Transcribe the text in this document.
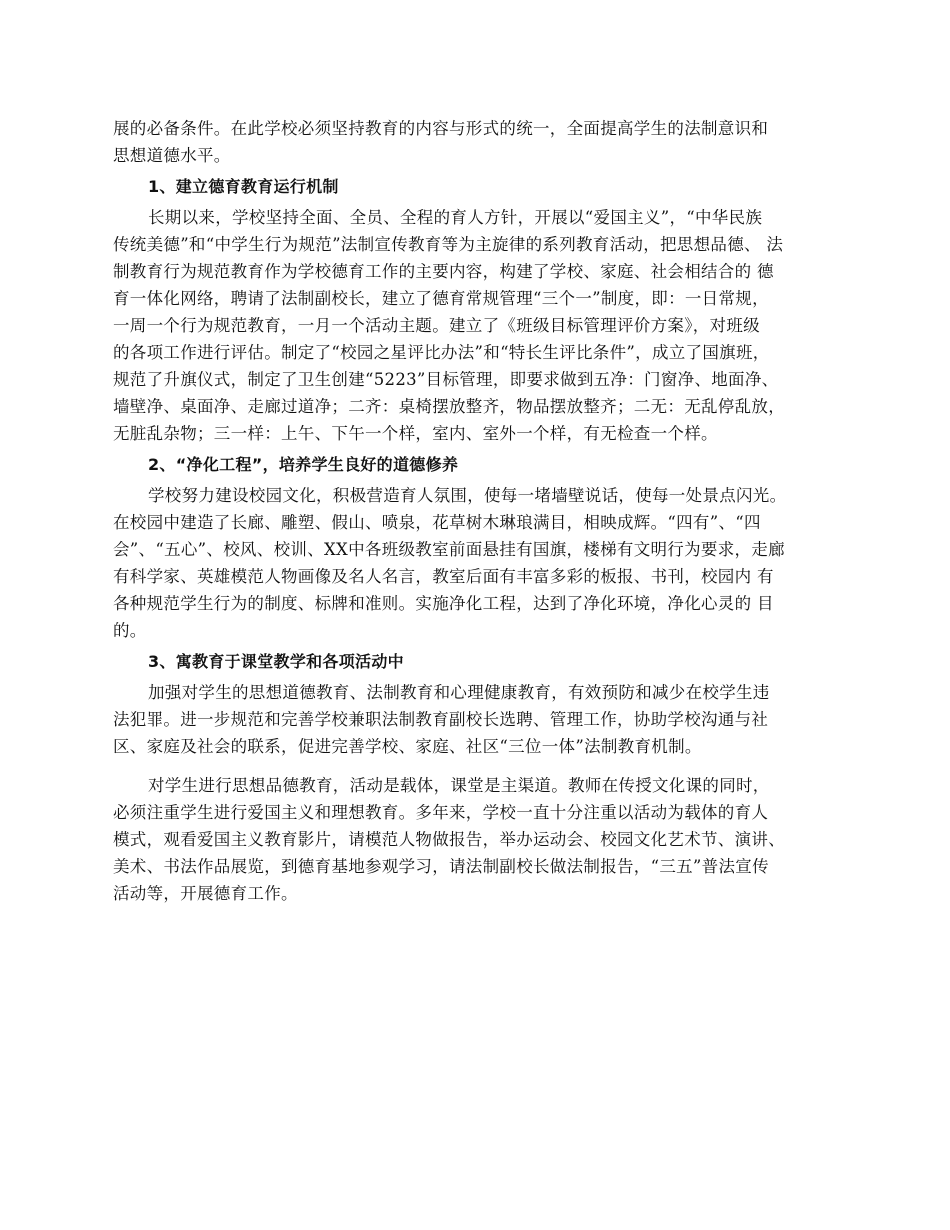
展的必备条件。在此学校必须坚持教育的内容与形式的统一，全面提高学生的法制意识和
思想道德水平。
1、建立德育教育运行机制
长期以来，学校坚持全面、全员、全程的育人方针，开展以“爱国主义”，“中华民族
传统美德”和“中学生行为规范”法制宣传教育等为主旋律的系列教育活动，把思想品德、 法
制教育行为规范教育作为学校德育工作的主要内容，构建了学校、家庭、社会相结合的 德
育一体化网络，聘请了法制副校长，建立了德育常规管理“三个一”制度，即：一日常规，
一周一个行为规范教育，一月一个活动主题。建立了《班级目标管理评价方案》，对班级
的各项工作进行评估。制定了“校园之星评比办法”和“特长生评比条件”，成立了国旗班，
规范了升旗仪式，制定了卫生创建“5223”目标管理，即要求做到五净：门窗净、地面净、
墙壁净、桌面净、走廊过道净；二齐：桌椅摆放整齐，物品摆放整齐；二无：无乱停乱放，
无脏乱杂物；三一样：上午、下午一个样，室内、室外一个样，有无检查一个样。
2、“净化工程”，培养学生良好的道德修养
学校努力建设校园文化，积极营造育人氛围，使每一堵墙壁说话，使每一处景点闪光。
在校园中建造了长廊、雕塑、假山、喷泉，花草树木琳琅满目，相映成辉。“四有”、“四
会”、“五心”、校风、校训、XX中各班级教室前面悬挂有国旗，楼梯有文明行为要求，走廊
有科学家、英雄模范人物画像及名人名言，教室后面有丰富多彩的板报、书刊，校园内 有
各种规范学生行为的制度、标牌和准则。实施净化工程，达到了净化环境，净化心灵的 目
的。
3、寓教育于课堂教学和各项活动中
加强对学生的思想道德教育、法制教育和心理健康教育，有效预防和减少在校学生违
法犯罪。进一步规范和完善学校兼职法制教育副校长选聘、管理工作，协助学校沟通与社
区、家庭及社会的联系，促进完善学校、家庭、社区“三位一体”法制教育机制。
对学生进行思想品德教育，活动是载体，课堂是主渠道。教师在传授文化课的同时，
必须注重学生进行爱国主义和理想教育。多年来，学校一直十分注重以活动为载体的育人
模式，观看爱国主义教育影片，请模范人物做报告，举办运动会、校园文化艺术节、演讲、
美术、书法作品展览，到德育基地参观学习，请法制副校长做法制报告，“三五”普法宣传
活动等，开展德育工作。
